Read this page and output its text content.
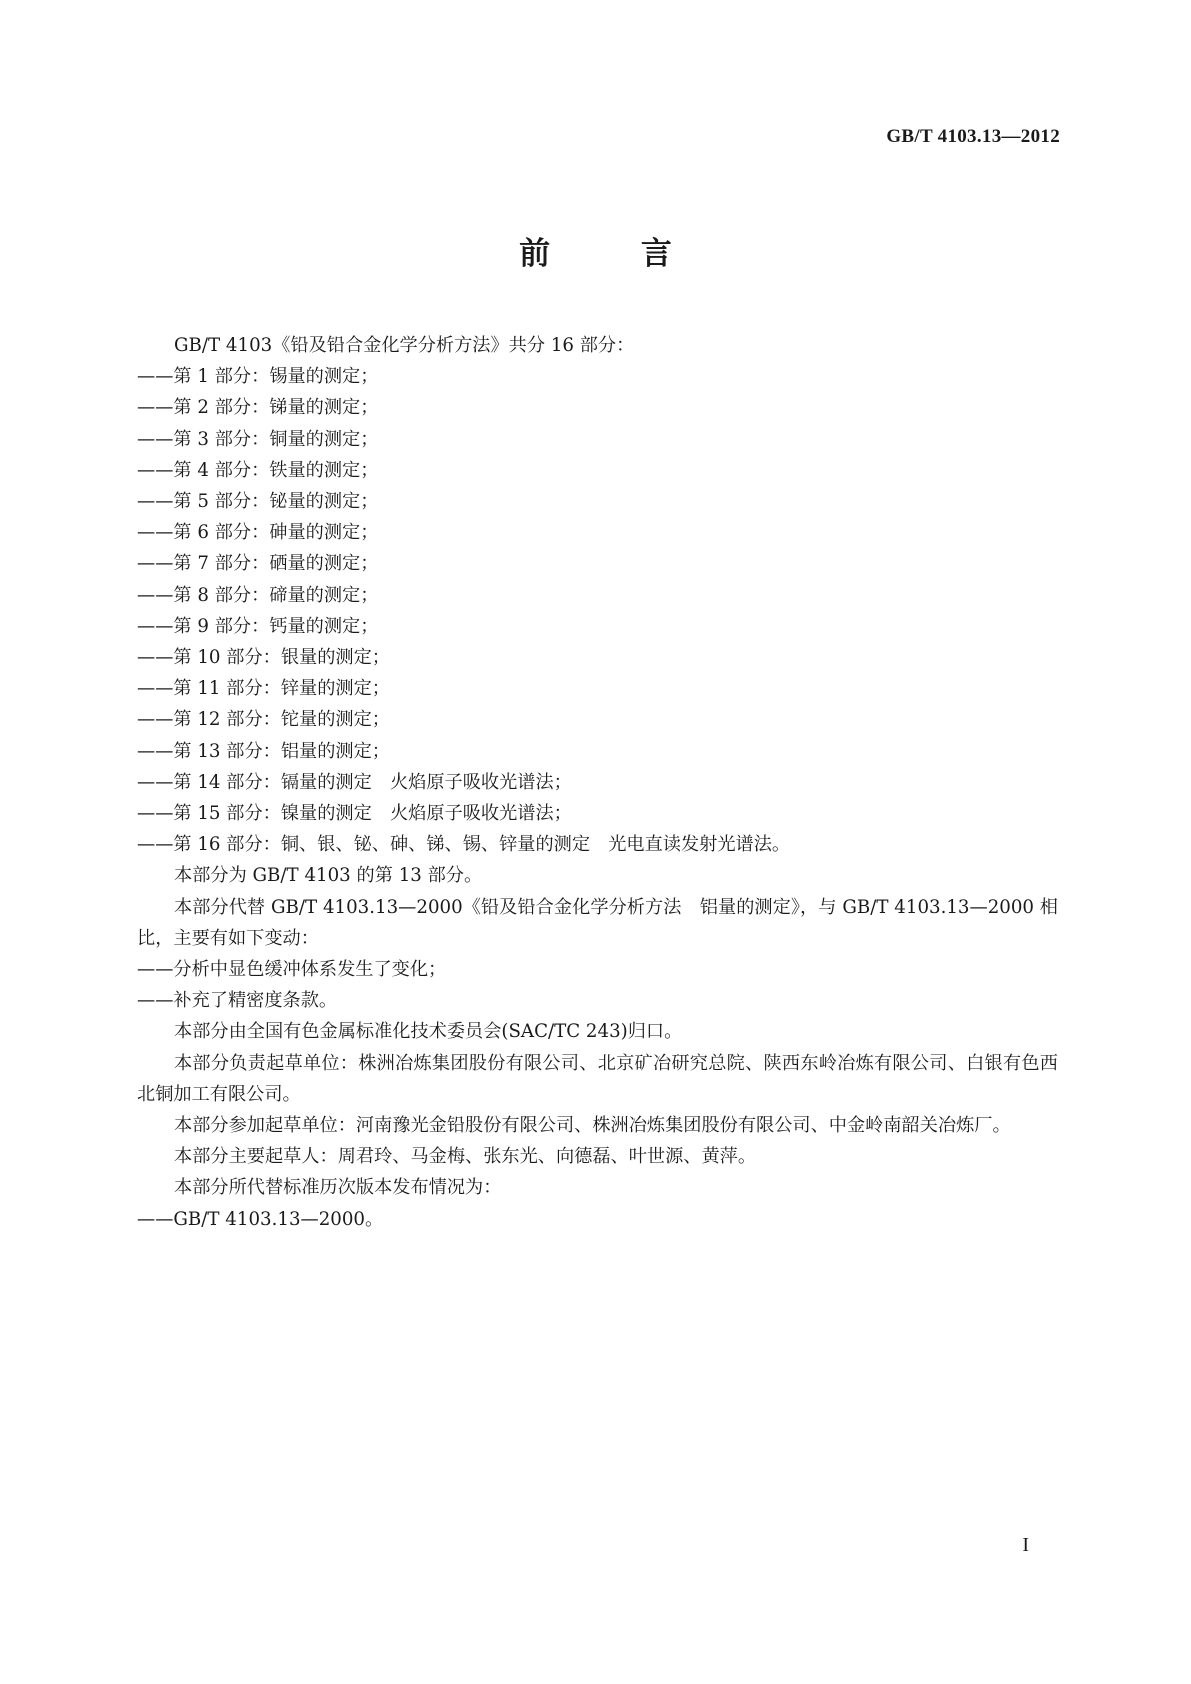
GB/T 4103.13—2012
前 言

GB/T 4103《铅及铅合金化学分析方法》共分 16 部分：

——第 1 部分：锡量的测定；

——第 2 部分：锑量的测定；

——第 3 部分：铜量的测定；

——第 4 部分：铁量的测定；

——第 5 部分：铋量的测定；

——第 6 部分：砷量的测定；

——第 7 部分：硒量的测定；

——第 8 部分：碲量的测定；

——第 9 部分：钙量的测定；

——第 10 部分：银量的测定；

——第 11 部分：锌量的测定；

——第 12 部分：铊量的测定；

——第 13 部分：铝量的测定；

——第 14 部分：镉量的测定　火焰原子吸收光谱法；

——第 15 部分：镍量的测定　火焰原子吸收光谱法；

——第 16 部分：铜、银、铋、砷、锑、锡、锌量的测定　光电直读发射光谱法。

本部分为 GB/T 4103 的第 13 部分。

本部分代替 GB/T 4103.13—2000《铅及铅合金化学分析方法　铝量的测定》，与 GB/T 4103.13—2000 相比，主要有如下变动：

——分析中显色缓冲体系发生了变化；

——补充了精密度条款。

本部分由全国有色金属标准化技术委员会(SAC/TC 243)归口。

本部分负责起草单位：株洲冶炼集团股份有限公司、北京矿冶研究总院、陕西东岭冶炼有限公司、白银有色西北铜加工有限公司。

本部分参加起草单位：河南豫光金铅股份有限公司、株洲冶炼集团股份有限公司、中金岭南韶关冶炼厂。

本部分主要起草人：周君玲、马金梅、张东光、向德磊、叶世源、黄萍。

本部分所代替标准历次版本发布情况为：

——GB/T 4103.13—2000。

I
